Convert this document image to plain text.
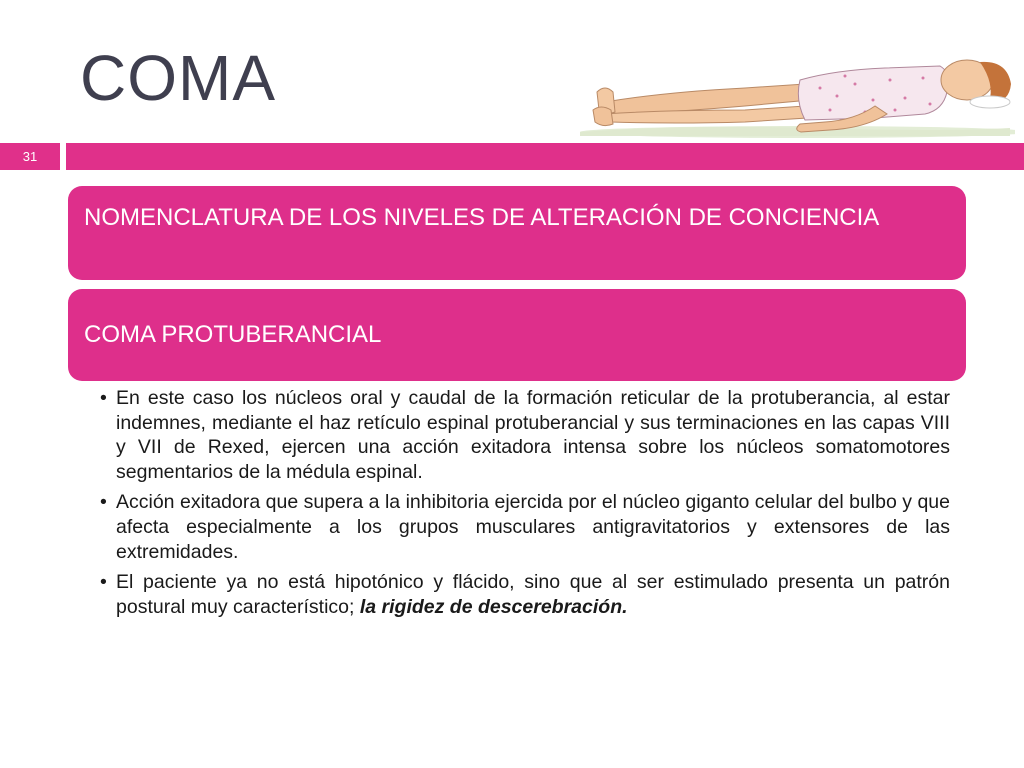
COMA
31
NOMENCLATURA DE LOS NIVELES DE ALTERACIÓN DE CONCIENCIA
COMA PROTUBERANCIAL
• En este caso los núcleos oral y caudal de la formación reticular de la protuberancia, al estar indemnes, mediante el haz retículo espinal protuberancial y sus terminaciones en las capas VIII y VII de Rexed, ejercen una acción exitadora intensa sobre los núcleos somatomotores segmentarios de la médula espinal.
• Acción exitadora que supera a la inhibitoria ejercida por el núcleo giganto celular del bulbo y que afecta especialmente a los grupos musculares antigravitatorios y extensores de las extremidades.
• El paciente ya no está hipotónico y flácido, sino que al ser estimulado presenta un patrón postural muy característico; la rigidez de descerebración.
